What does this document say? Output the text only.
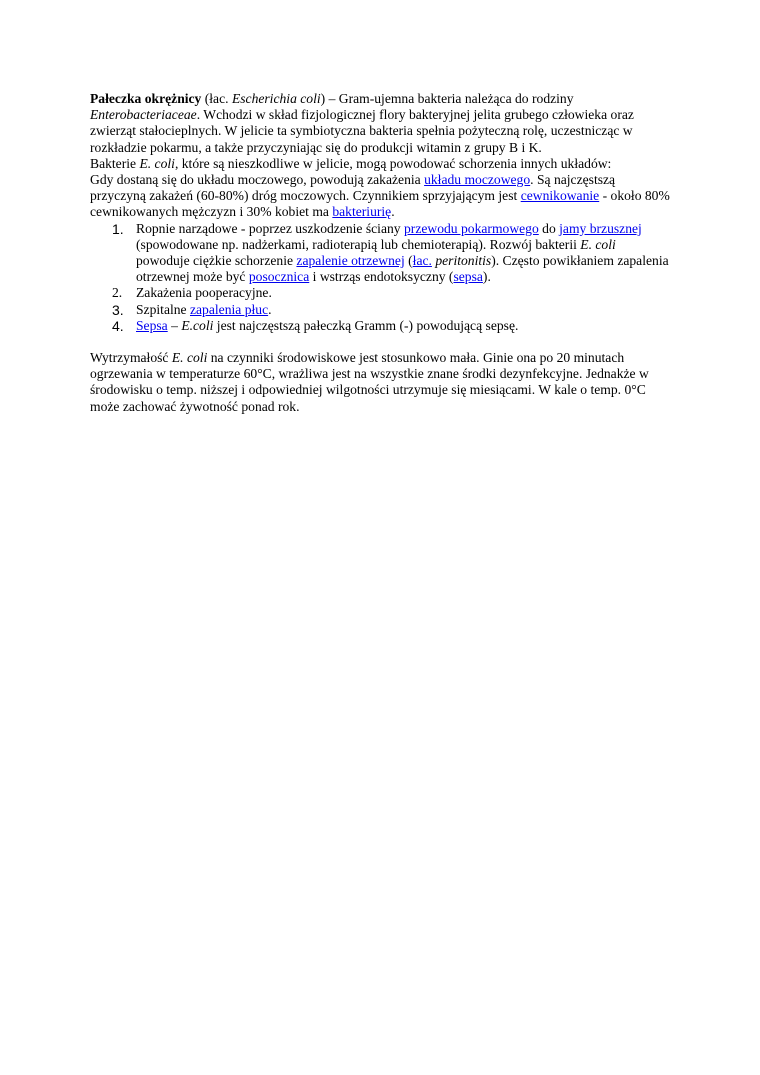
Pałeczka okrężnicy (łac. Escherichia coli) – Gram-ujemna bakteria należąca do rodziny Enterobacteriaceae. Wchodzi w skład fizjologicznej flory bakteryjnej jelita grubego człowieka oraz zwierząt stałocieplnych. W jelicie ta symbiotyczna bakteria spełnia pożyteczną rolę, uczestnicząc w rozkładzie pokarmu, a także przyczyniając się do produkcji witamin z grupy B i K.

Bakterie E. coli, które są nieszkodliwe w jelicie, mogą powodować schorzenia innych układów:

Gdy dostaną się do układu moczowego, powodują zakażenia układu moczowego. Są najczęstszą przyczyną zakażeń (60-80%) dróg moczowych. Czynnikiem sprzyjającym jest cewnikowanie - około 80% cewnikowanych mężczyzn i 30% kobiet ma bakteriurię.

1. Ropnie narządowe - poprzez uszkodzenie ściany przewodu pokarmowego do jamy brzusznej (spowodowane np. nadżerkami, radioterapią lub chemioterapią). Rozwój bakterii E. coli powoduje ciężkie schorzenie zapalenie otrzewnej (łac. peritonitis). Często powikłaniem zapalenia otrzewnej może być posocznica i wstrząs endotoksyczny (sepsa).
2. Zakażenia pooperacyjne.
3. Szpitalne zapalenia płuc.
4. Sepsa – E.coli jest najczęstszą pałeczką Gramm (-) powodującą sepsę.

Wytrzymałość E. coli na czynniki środowiskowe jest stosunkowo mała. Ginie ona po 20 minutach ogrzewania w temperaturze 60°C, wrażliwa jest na wszystkie znane środki dezynfekcyjne. Jednakże w środowisku o temp. niższej i odpowiedniej wilgotności utrzymuje się miesiącami. W kale o temp. 0°C może zachować żywotność ponad rok.
